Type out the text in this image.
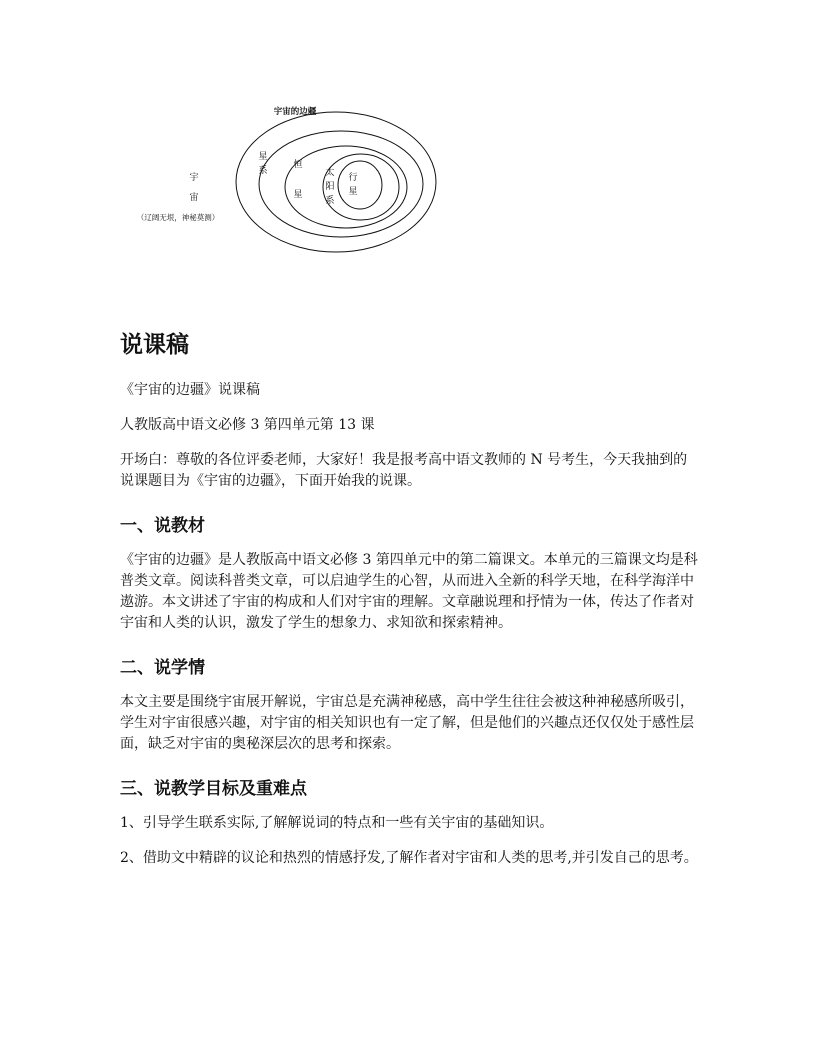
宇宙的边疆
宇
宙
（辽阔无垠，神秘莫测）
星
系
恒
星
太
阳
系
行
星
说课稿

《宇宙的边疆》说课稿

人教版高中语文必修 3 第四单元第 13 课

开场白：尊敬的各位评委老师，大家好！我是报考高中语文教师的 N 号考生，今天我抽到的说课题目为《宇宙的边疆》，下面开始我的说课。

一、说教材

《宇宙的边疆》是人教版高中语文必修 3 第四单元中的第二篇课文。本单元的三篇课文均是科普类文章。阅读科普类文章，可以启迪学生的心智，从而进入全新的科学天地，在科学海洋中遨游。本文讲述了宇宙的构成和人们对宇宙的理解。文章融说理和抒情为一体，传达了作者对宇宙和人类的认识，激发了学生的想象力、求知欲和探索精神。

二、说学情

本文主要是围绕宇宙展开解说，宇宙总是充满神秘感，高中学生往往会被这种神秘感所吸引，学生对宇宙很感兴趣，对宇宙的相关知识也有一定了解，但是他们的兴趣点还仅仅处于感性层面，缺乏对宇宙的奥秘深层次的思考和探索。

三、说教学目标及重难点

1、引导学生联系实际,了解解说词的特点和一些有关宇宙的基础知识。

2、借助文中精辟的议论和热烈的情感抒发,了解作者对宇宙和人类的思考,并引发自己的思考。
